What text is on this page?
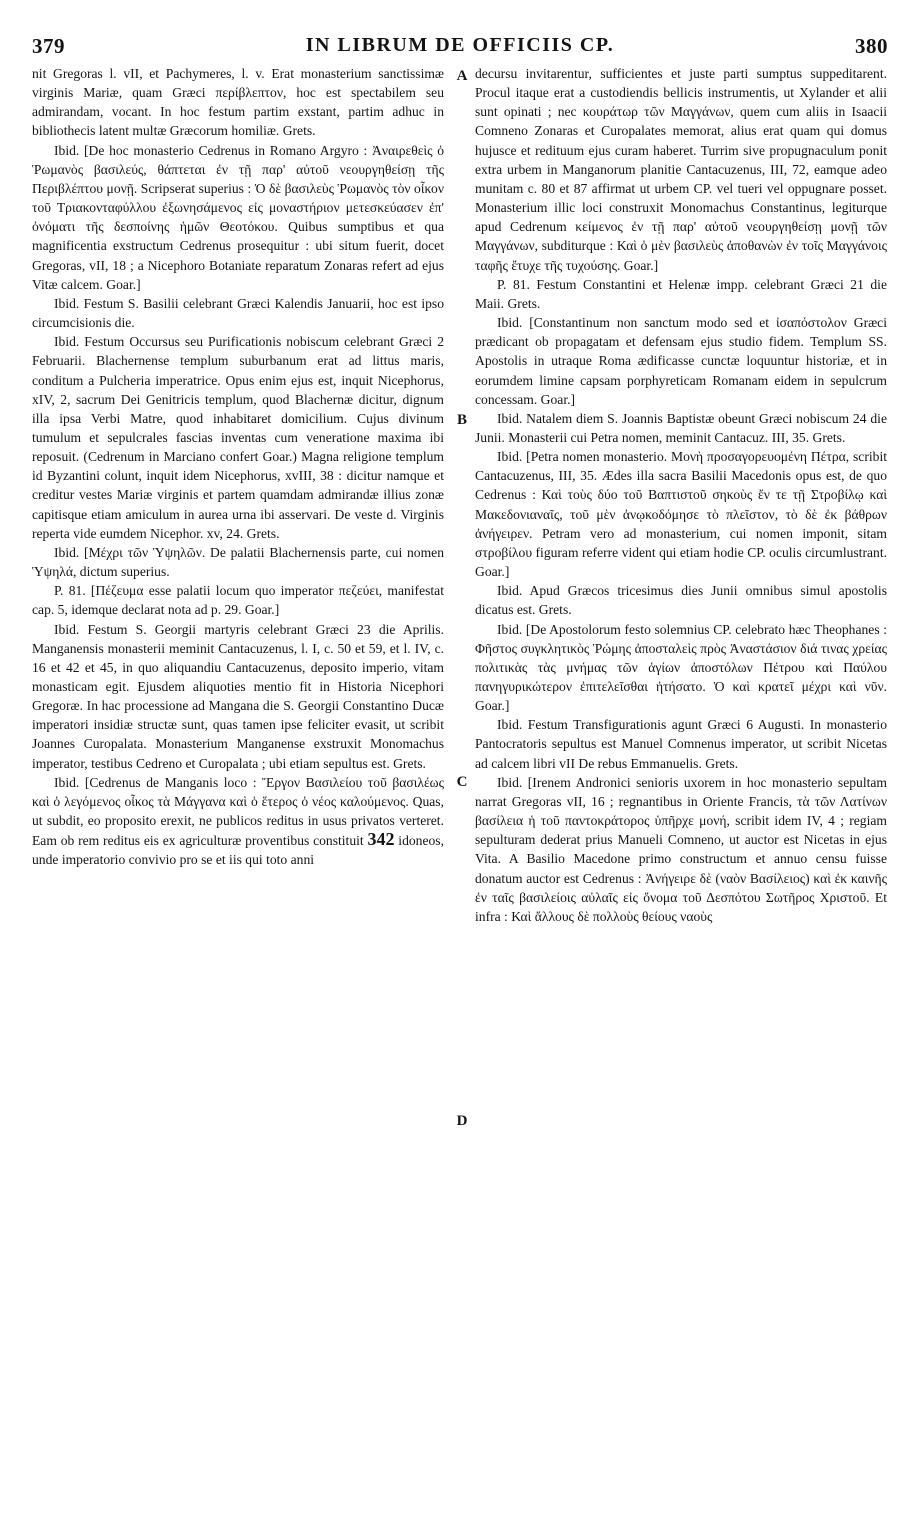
379	IN LIBRUM DE OFFICIIS CP.	380
A
B
C
D

nit Gregoras l. vII, et Pachymeres, l. v. Erat monasterium sanctissimæ virginis Mariæ, quam Græci περίβλεπτον, hoc est spectabilem seu admirandam, vocant. In hoc festum partim exstant, partim adhuc in bibliothecis latent multæ Græcorum homiliæ. Grets.

Ibid. [De hoc monasterio Cedrenus in Romano Argyro : Ἀναιρεθεὶς ὁ Ῥωμανὸς βασιλεύς, θάπτεται ἐν τῇ παρ' αὐτοῦ νεουργηθείσῃ τῆς Περιβλέπτου μονῇ. Scripserat superius : Ὁ δὲ βασιλεὺς Ῥωμανὸς τὸν οἶκον τοῦ Τριακονταφύλλου ἐξωνησάμενος εἰς μοναστήριον μετεσκεύασεν ἐπ' ὀνόματι τῆς δεσποίνης ἡμῶν Θεοτόκου. Quibus sumptibus et qua magnificentia exstructum Cedrenus prosequitur : ubi situm fuerit, docet Gregoras, vII, 18 ; a Nicephoro Botaniate reparatum Zonaras refert ad ejus Vitæ calcem. Goar.]

Ibid. Festum S. Basilii celebrant Græci Kalendis Januarii, hoc est ipso circumcisionis die.

Ibid. Festum Occursus seu Purificationis nobiscum celebrant Græci 2 Februarii. Blachernense templum suburbanum erat ad littus maris, conditum a Pulcheria imperatrice. Opus enim ejus est, inquit Nicephorus, xIV, 2, sacrum Dei Genitricis templum, quod Blachernæ dicitur, dignum illa ipsa Verbi Matre, quod inhabitaret domicilium. Cujus divinum tumulum et sepulcrales fascias inventas cum veneratione maxima ibi reposuit. (Cedrenum in Marciano confert Goar.) Magna religione templum id Byzantini colunt, inquit idem Nicephorus, xvIII, 38 : dicitur namque et creditur vestes Mariæ virginis et partem quamdam admirandæ illius zonæ capitisque etiam amiculum in aurea urna ibi asservari. De veste d. Virginis reperta vide eumdem Nicephor. xv, 24. Grets.

Ibid. [Μέχρι τῶν Ὑψηλῶν. De palatii Blachernensis parte, cui nomen Ὑψηλά, dictum superius.

P. 81. [Πέζευμα esse palatii locum quo imperator πεζεύει, manifestat cap. 5, idemque declarat nota ad p. 29. Goar.]

Ibid. Festum S. Georgii martyris celebrant Græci 23 die Aprilis. Manganensis monasterii meminit Cantacuzenus, l. I, c. 50 et 59, et l. IV, c. 16 et 42 et 45, in quo aliquandiu Cantacuzenus, deposito imperio, vitam monasticam egit. Ejusdem aliquoties mentio fit in Historia Nicephori Gregoræ. In hac processione ad Mangana die S. Georgii Constantino Ducæ imperatori insidiæ structæ sunt, quas tamen ipse feliciter evasit, ut scribit Joannes Curopalata. Monasterium Manganense exstruxit Monomachus imperator, testibus Cedreno et Curopalata ; ubi etiam sepultus est. Grets.

Ibid. [Cedrenus de Manganis loco : Ἔργον Βασιλείου τοῦ βασιλέως καὶ ὁ λεγόμενος οἶκος τὰ Μάγγανα καὶ ὁ ἕτερος ὁ νέος καλούμενος. Quas, ut subdit, eo proposito erexit, ne publicos reditus in usus privatos verteret. Eam ob rem reditus eis ex agriculturæ proventibus constituit 342 idoneos, unde imperatorio convivio pro se et iis qui toto anni

decursu invitarentur, sufficientes et juste parti sumptus suppeditarent. Procul itaque erat a custodiendis bellicis instrumentis, ut Xylander et alii sunt opinati ; nec κουράτωρ τῶν Μαγγάνων, quem cum aliis in Isaacii Comneno Zonaras et Curopalates memorat, alius erat quam qui domus hujusce et redituum ejus curam haberet. Turrim sive propugnaculum ponit extra urbem in Manganorum planitie Cantacuzenus, III, 72, eamque adeo munitam c. 80 et 87 affirmat ut urbem CP. vel tueri vel oppugnare posset. Monasterium illic loci construxit Monomachus Constantinus, legiturque apud Cedrenum κείμενος ἐν τῇ παρ' αὐτοῦ νεουργηθείσῃ μονῇ τῶν Μαγγάνων, subditurque : Καὶ ὁ μὲν βασιλεὺς ἀποθανὼν ἐν τοῖς Μαγγάνοις ταφῆς ἔτυχε τῆς τυχούσης. Goar.]

P. 81. Festum Constantini et Helenæ impp. celebrant Græci 21 die Maii. Grets.

Ibid. [Constantinum non sanctum modo sed et ἰσαπόστολον Græci prædicant ob propagatam et defensam ejus studio fidem. Templum SS. Apostolis in utraque Roma ædificasse cunctæ loquuntur historiæ, et in eorumdem limine capsam porphyreticam Romanam eidem in sepulcrum concessam. Goar.]

Ibid. Natalem diem S. Joannis Baptistæ obeunt Græci nobiscum 24 die Junii. Monasterii cui Petra nomen, meminit Cantacuz. III, 35. Grets.

Ibid. [Petra nomen monasterio. Μονὴ προσαγορευομένη Πέτρα, scribit Cantacuzenus, III, 35. Ædes illa sacra Basilii Macedonis opus est, de quo Cedrenus : Καὶ τοὺς δύο τοῦ Βαπτιστοῦ σηκοὺς ἔν τε τῇ Στροβίλῳ καὶ Μακεδονιαναῖς, τοῦ μὲν ἀνῳκοδόμησε τὸ πλεῖστον, τὸ δὲ ἐκ βάθρων ἀνήγειρεν. Petram vero ad monasterium, cui nomen imponit, sitam στροβίλου figuram referre vident qui etiam hodie CP. oculis circumlustrant. Goar.]

Ibid. Apud Græcos tricesimus dies Junii omnibus simul apostolis dicatus est. Grets.

Ibid. [De Apostolorum festo solemnius CP. celebrato hæc Theophanes : Φῆστος συγκλητικὸς Ῥώμης ἀποσταλεὶς πρὸς Ἀναστάσιον διά τινας χρείας πολιτικὰς τὰς μνήμας τῶν ἁγίων ἀποστόλων Πέτρου καὶ Παύλου πανηγυρικώτερον ἐπιτελεῖσθαι ἠτήσατο. Ὁ καὶ κρατεῖ μέχρι καὶ νῦν. Goar.]

Ibid. Festum Transfigurationis agunt Græci 6 Augusti. In monasterio Pantocratoris sepultus est Manuel Comnenus imperator, ut scribit Nicetas ad calcem libri vII De rebus Emmanuelis. Grets.

Ibid. [Irenem Andronici senioris uxorem in hoc monasterio sepultam narrat Gregoras vII, 16 ; regnantibus in Oriente Francis, τὰ τῶν Λατίνων βασίλεια ἡ τοῦ παντοκράτορος ὑπῆρχε μονή, scribit idem IV, 4 ; regiam sepulturam dederat prius Manueli Comneno, ut auctor est Nicetas in ejus Vita. A Basilio Macedone primo constructum et annuo censu fuisse donatum auctor est Cedrenus : Ἀνήγειρε δὲ (ναὸν Βασίλειος) καὶ ἐκ καινῆς ἐν ταῖς βασιλείοις αὐλαῖς εἰς ὄνομα τοῦ Δεσπότου Σωτῆρος Χριστοῦ. Et infra : Καὶ ἄλλους δὲ πολλοὺς θείους ναοὺς
